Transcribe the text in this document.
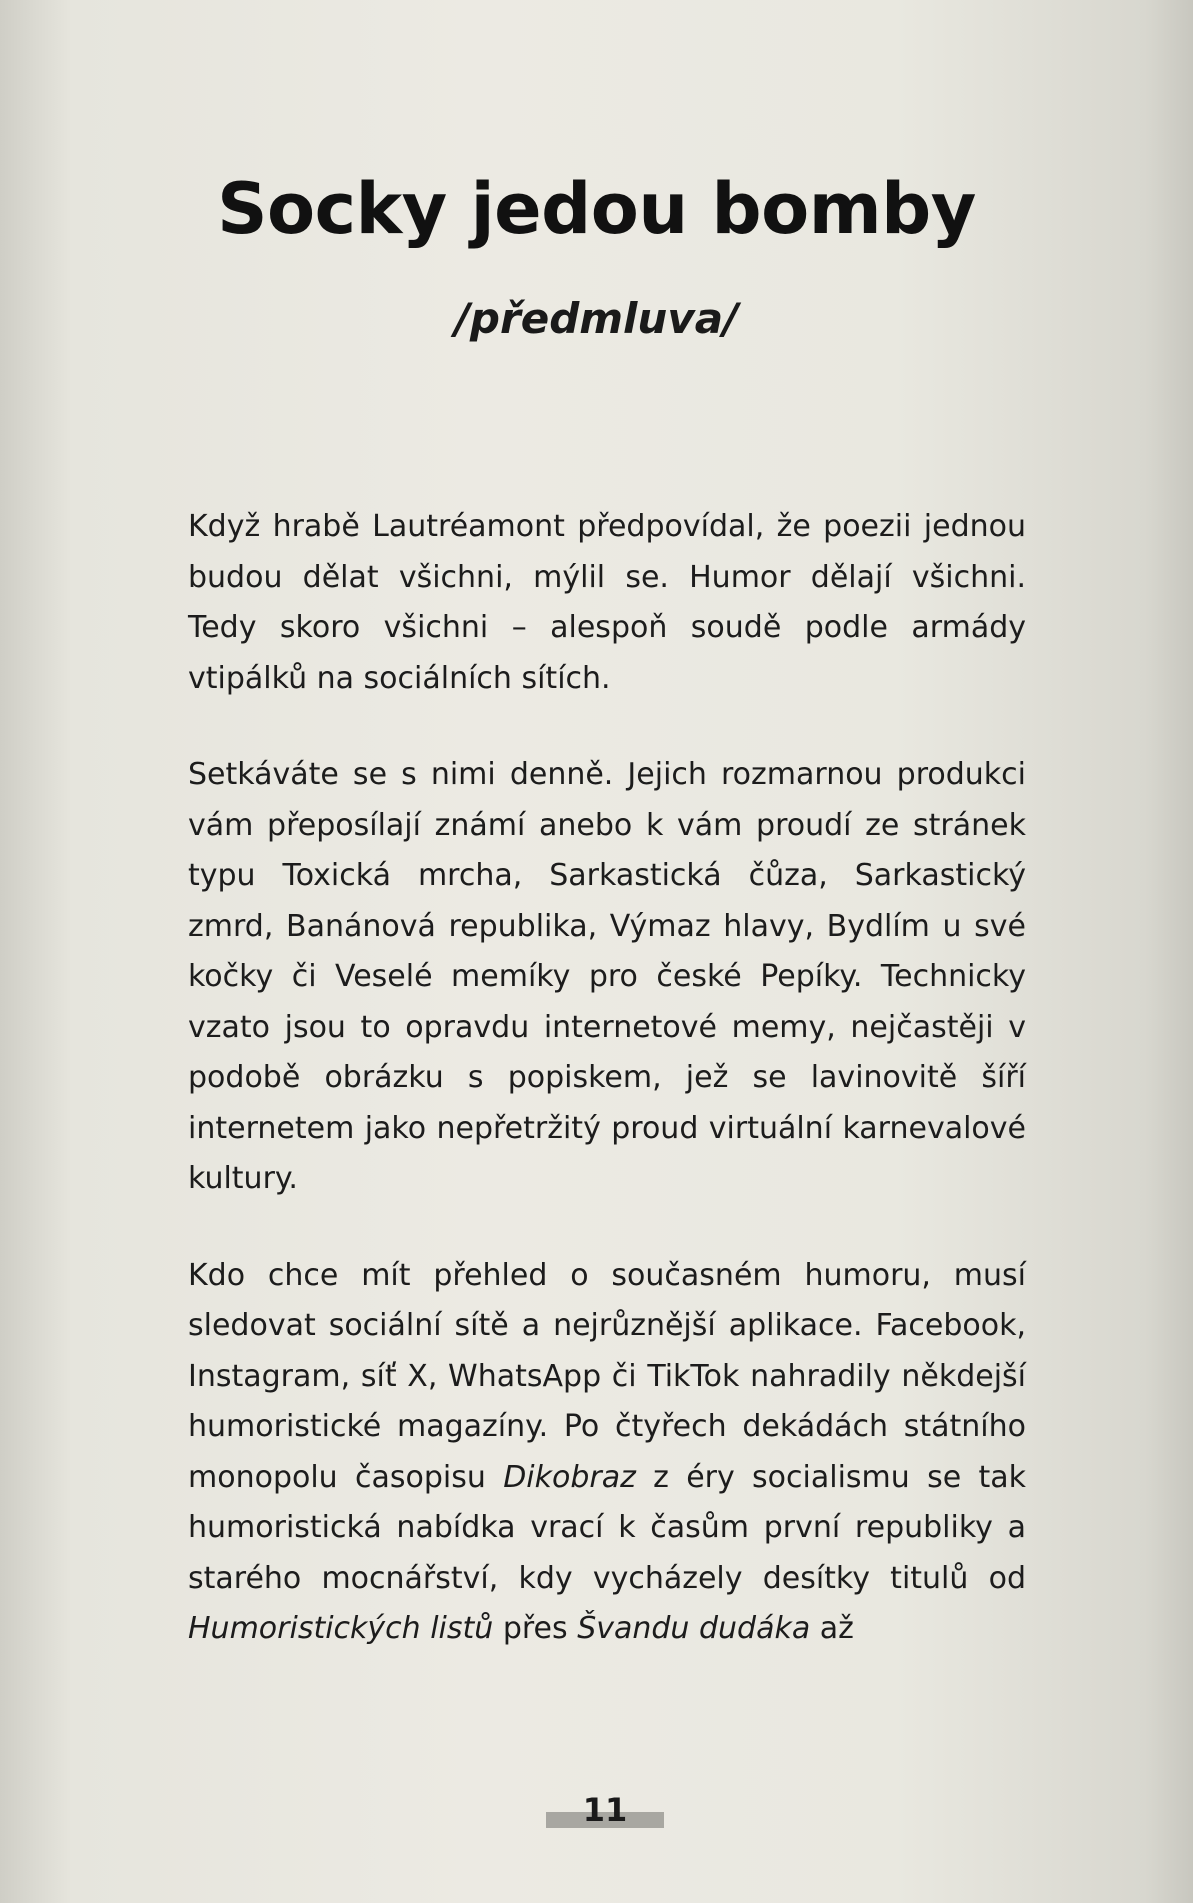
Socky jedou bomby
/předmluva/

Když hrabě Lautréamont předpovídal, že poezii jednou budou dělat všichni, mýlil se. Humor dělají všichni. Tedy skoro všichni – alespoň soudě podle armády vtipálků na sociálních sítích.

Setkáváte se s nimi denně. Jejich rozmarnou produkci vám přeposílají známí anebo k vám proudí ze stránek typu Toxická mrcha, Sarkastická čůza, Sarkastický zmrd, Banánová republika, Výmaz hlavy, Bydlím u své kočky či Veselé memíky pro české Pepíky. Technicky vzato jsou to opravdu internetové memy, nejčastěji v podobě obrázku s popiskem, jež se lavinovitě šíří internetem jako nepřetržitý proud virtuální karnevalové kultury.

Kdo chce mít přehled o současném humoru, musí sledovat sociální sítě a nejrůznější aplikace. Facebook, Instagram, síť X, WhatsApp či TikTok nahradily někdejší humoristické magazíny. Po čtyřech dekádách státního monopolu časopisu Dikobraz z éry socialismu se tak humoristická nabídka vrací k časům první republiky a starého mocnářství, kdy vycházely desítky titulů od Humoristických listů přes Švandu dudáka až

11
